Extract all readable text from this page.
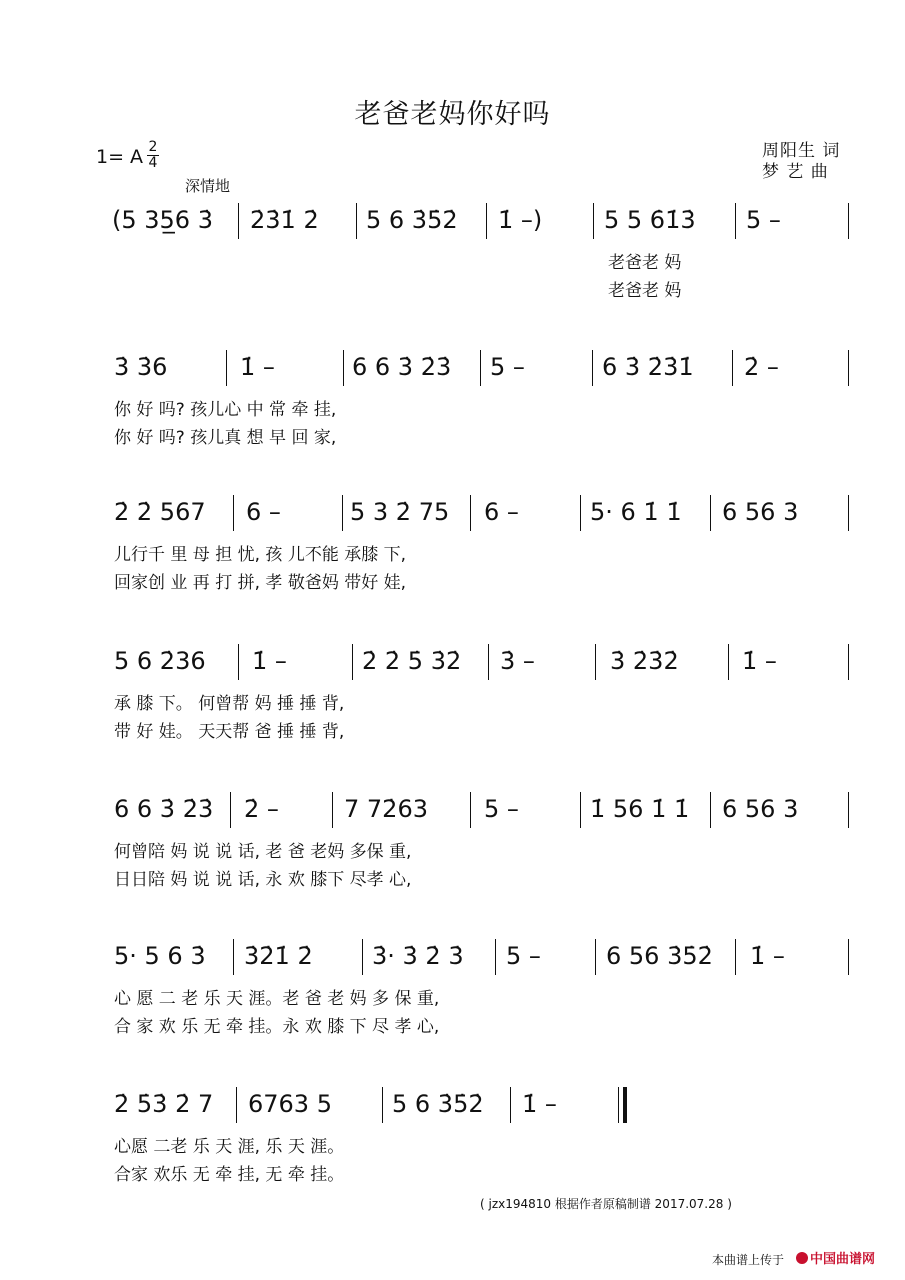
老爸老妈你好吗
1= A 2
4
周阳生 词
梦 艺 曲
深情地
(5 35̲6 3̇ 2̇3̇1̇ 2̇ 5 6 3̇5̇2̇ 1̇ –)	5 5 6̇1̇3̇ 5 –
老爸老 妈
老爸老 妈
3̇ 3̇6	1̇ –	6 6 3̇ 2̇3̇ 5 –	6 3̇ 2̇3̇1̇ 2̇ –
你 好 吗? 孩儿心 中 常 牵 挂,
你 好 吗? 孩儿真 想 早 回 家,
2̇ 2̇ 567 6 –	5 3 2̇ 75 6 –	5· 6 1̇ 1̇ 6 56 3
儿行千 里 母 担 忧, 孩 儿不能 承膝 下,
回家创 业 再 打 拼, 孝 敬爸妈 带好 娃,
5 6 2̇36 1̇ –	2̇ 2̇ 5̇ 3̇2̇ 3̇ –	3̇ 2̇3̇2̇	1̇ –
承 膝 下。 何曾帮 妈 捶 捶 背,
带 好 娃。 天天帮 爸 捶 捶 背,
6 6 3̇ 2̇3̇ 2̇ –	7 72̇63 5 –	1̇ 56 1̇ 1̇ 6 56 3
何曾陪 妈 说 说 话, 老 爸 老妈 多保 重,
日日陪 妈 说 说 话, 永 欢 膝下 尽孝 心,
5· 5 6 3̇ 3̇2̇1̇ 2̇ 3̇· 3̇ 2̇ 3̇ 5 –	6 56 3̇5̇2̇ 1̇ –
心 愿 二 老 乐 天 涯。老 爸 老 妈 多 保 重,
合 家 欢 乐 无 牵 挂。永 欢 膝 下 尽 孝 心,
2̇ 5̇3̇ 2̇ 7 6763 5	5 6 3̇5̇2̇ 1̇ –
心愿 二老 乐 天 涯, 乐 天 涯。
合家 欢乐 无 牵 挂, 无 牵 挂。
( jzx194810 根据作者原稿制谱 2017.07.28 )
本曲谱上传于	中国曲谱网
